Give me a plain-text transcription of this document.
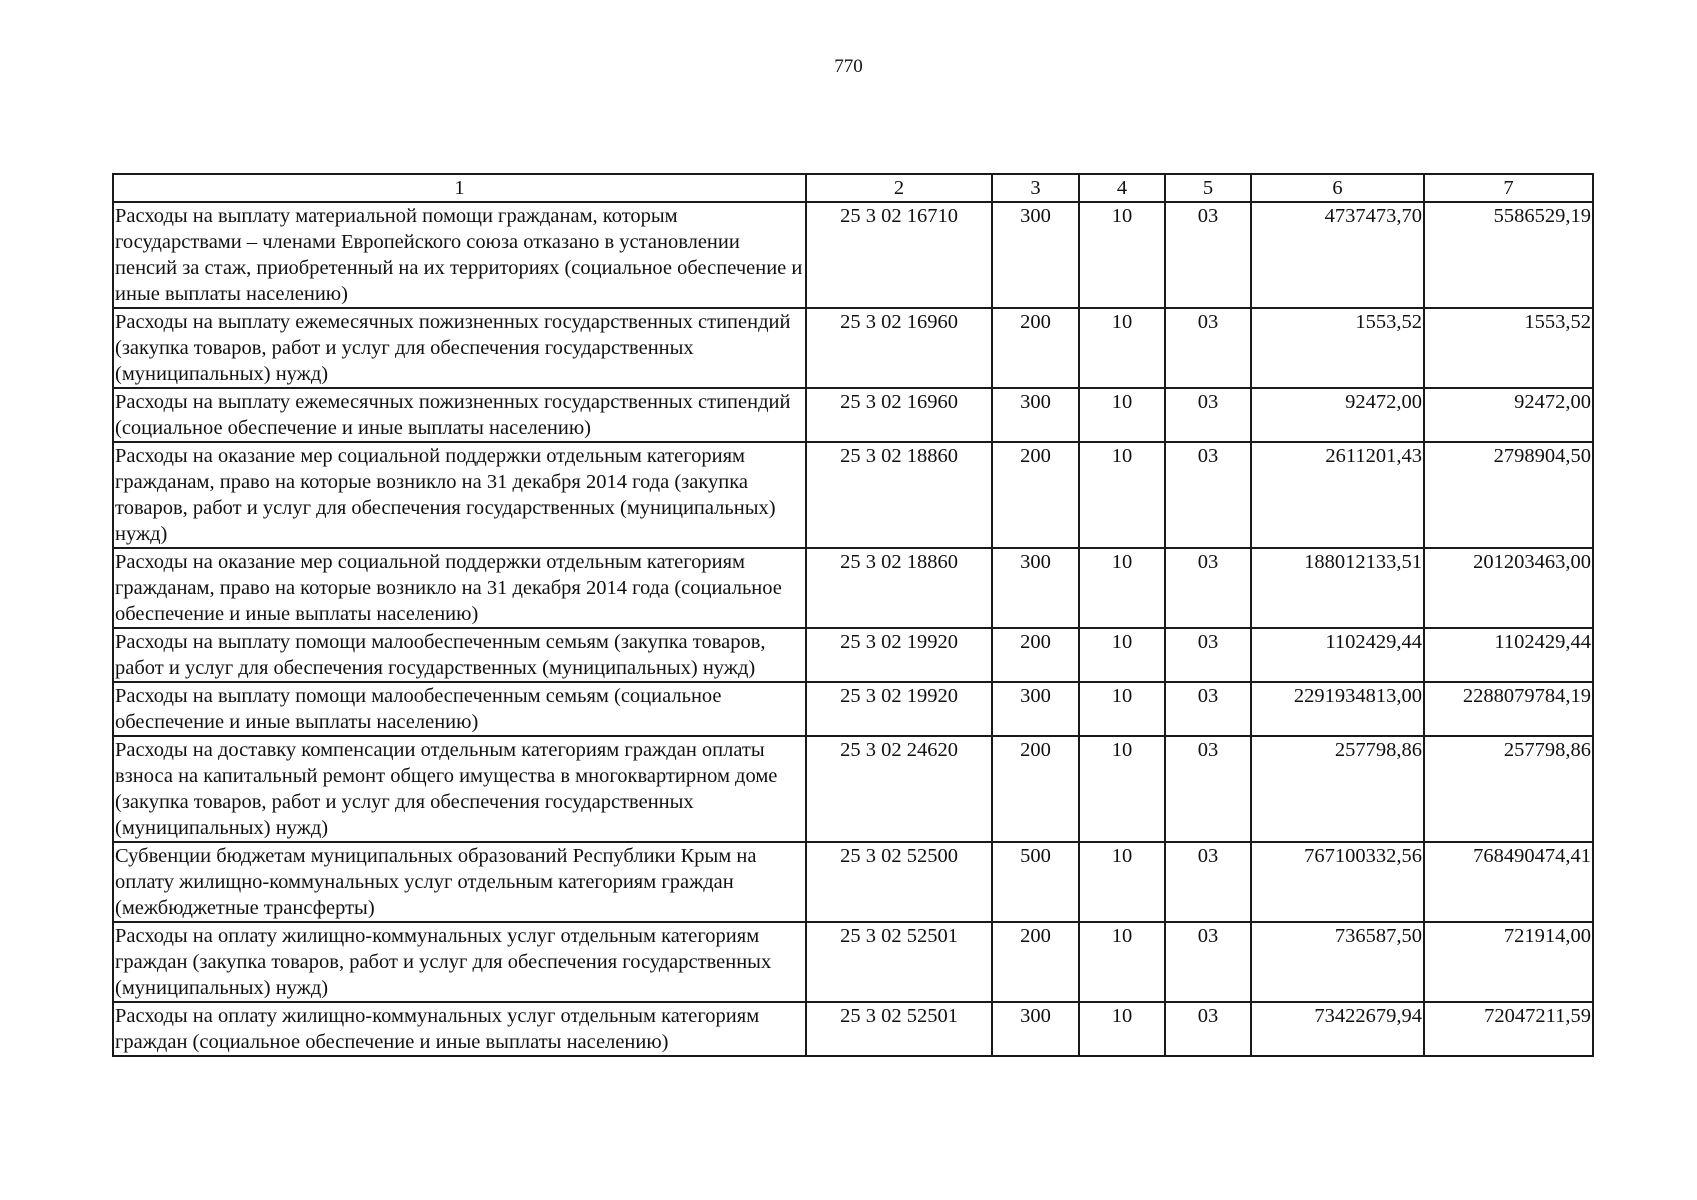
770
1	2	3	4	5	6	7
Расходы на выплату материальной помощи гражданам, которым государствами – членами Европейского союза отказано в установлении пенсий за стаж, приобретенный на их территориях (социальное обеспечение и иные выплаты населению)	25 3 02 16710	300	10	03	4737473,70	5586529,19
Расходы на выплату ежемесячных пожизненных государственных стипендий (закупка товаров, работ и услуг для обеспечения государственных (муниципальных) нужд)	25 3 02 16960	200	10	03	1553,52	1553,52
Расходы на выплату ежемесячных пожизненных государственных стипендий (социальное обеспечение и иные выплаты населению)	25 3 02 16960	300	10	03	92472,00	92472,00
Расходы на оказание мер социальной поддержки отдельным категориям гражданам, право на которые возникло на 31 декабря 2014 года (закупка товаров, работ и услуг для обеспечения государственных (муниципальных) нужд)	25 3 02 18860	200	10	03	2611201,43	2798904,50
Расходы на оказание мер социальной поддержки отдельным категориям гражданам, право на которые возникло на 31 декабря 2014 года (социальное обеспечение и иные выплаты населению)	25 3 02 18860	300	10	03	188012133,51	201203463,00
Расходы на выплату помощи малообеспеченным семьям (закупка товаров, работ и услуг для обеспечения государственных (муниципальных) нужд)	25 3 02 19920	200	10	03	1102429,44	1102429,44
Расходы на выплату помощи малообеспеченным семьям (социальное обеспечение и иные выплаты населению)	25 3 02 19920	300	10	03	2291934813,00	2288079784,19
Расходы на доставку компенсации отдельным категориям граждан оплаты взноса на капитальный ремонт общего имущества в многоквартирном доме (закупка товаров, работ и услуг для обеспечения государственных (муниципальных) нужд)	25 3 02 24620	200	10	03	257798,86	257798,86
Субвенции бюджетам муниципальных образований Республики Крым на оплату жилищно-коммунальных услуг отдельным категориям граждан (межбюджетные трансферты)	25 3 02 52500	500	10	03	767100332,56	768490474,41
Расходы на оплату жилищно-коммунальных услуг отдельным категориям граждан (закупка товаров, работ и услуг для обеспечения государственных (муниципальных) нужд)	25 3 02 52501	200	10	03	736587,50	721914,00
Расходы на оплату жилищно-коммунальных услуг отдельным категориям граждан (социальное обеспечение и иные выплаты населению)	25 3 02 52501	300	10	03	73422679,94	72047211,59
